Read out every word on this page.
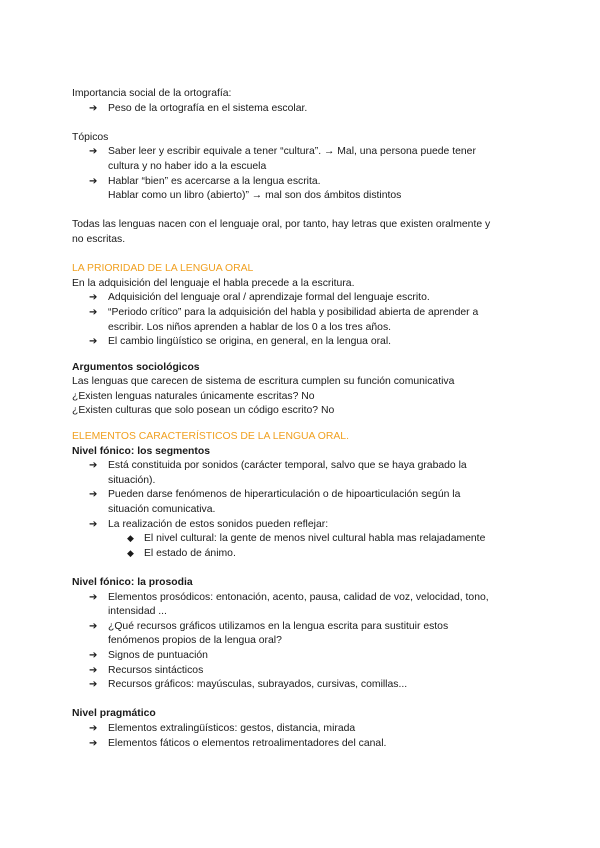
Importancia social de la ortografía:
➔ Peso de la ortografía en el sistema escolar.
Tópicos
➔ Saber leer y escribir equivale a tener “cultura”. → Mal, una persona puede tener
cultura y no haber ido a la escuela
➔ Hablar “bien” es acercarse a la lengua escrita.
Hablar como un libro (abierto)” → mal son dos ámbitos distintos
Todas las lenguas nacen con el lenguaje oral, por tanto, hay letras que existen oralmente y
no escritas.
LA PRIORIDAD DE LA LENGUA ORAL
En la adquisición del lenguaje el habla precede a la escritura.
➔ Adquisición del lenguaje oral / aprendizaje formal del lenguaje escrito.
➔ “Periodo crítico” para la adquisición del habla y posibilidad abierta de aprender a
escribir. Los niños aprenden a hablar de los 0 a los tres años.
➔ El cambio lingüístico se origina, en general, en la lengua oral.
Argumentos sociológicos
Las lenguas que carecen de sistema de escritura cumplen su función comunicativa
¿Existen lenguas naturales únicamente escritas? No
¿Existen culturas que solo posean un código escrito? No
ELEMENTOS CARACTERÍSTICOS DE LA LENGUA ORAL.
Nivel fónico: los segmentos
➔ Está constituida por sonidos (carácter temporal, salvo que se haya grabado la
situación).
➔ Pueden darse fenómenos de hiperarticulación o de hipoarticulación según la
situación comunicativa.
➔ La realización de estos sonidos pueden reflejar:
◆ El nivel cultural: la gente de menos nivel cultural habla mas relajadamente
◆ El estado de ánimo.
Nivel fónico: la prosodia
➔ Elementos prosódicos: entonación, acento, pausa, calidad de voz, velocidad, tono,
intensidad ...
➔ ¿Qué recursos gráficos utilizamos en la lengua escrita para sustituir estos
fenómenos propios de la lengua oral?
➔ Signos de puntuación
➔ Recursos sintácticos
➔ Recursos gráficos: mayúsculas, subrayados, cursivas, comillas...
Nivel pragmático
➔ Elementos extralingüísticos: gestos, distancia, mirada
➔ Elementos fáticos o elementos retroalimentadores del canal.
